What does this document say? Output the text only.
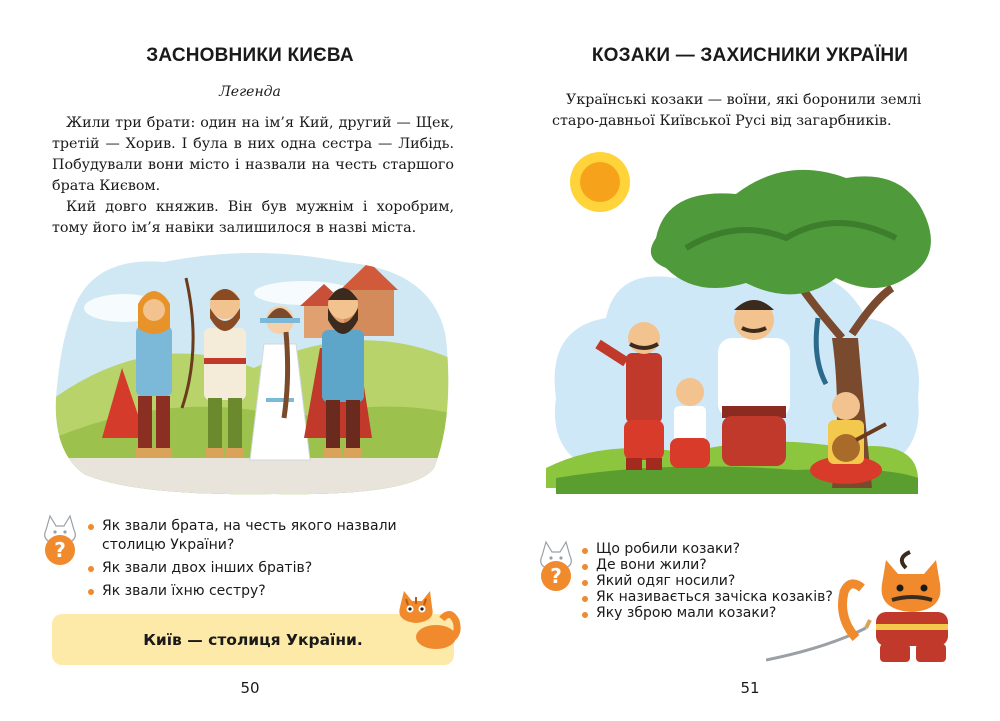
ЗАСНОВНИКИ КИЄВА
Легенда

Жили три брати: один на ім’я Кий, другий — Щек, третій — Хорив. І була в них одна сестра — Либідь. Побудували вони місто і назвали на честь старшого брата Києвом.

Кий довго княжив. Він був мужнім і хоробрим, тому його ім’я навіки залишилося в назві міста.

?
Як звали брата, на честь якого назвали столицю України?
Як звали двох інших братів?
Як звали їхню сестру?
Київ — столиця України.
50
КОЗАКИ — ЗАХИСНИКИ УКРАЇНИ
51
Українські козаки — воїни, які боронили землі старо-давньої Київської Русі від загарбників.
?
Що робили козаки?
Де вони жили?
Який одяг носили?
Як називається зачіска козаків?
Яку зброю мали козаки?
